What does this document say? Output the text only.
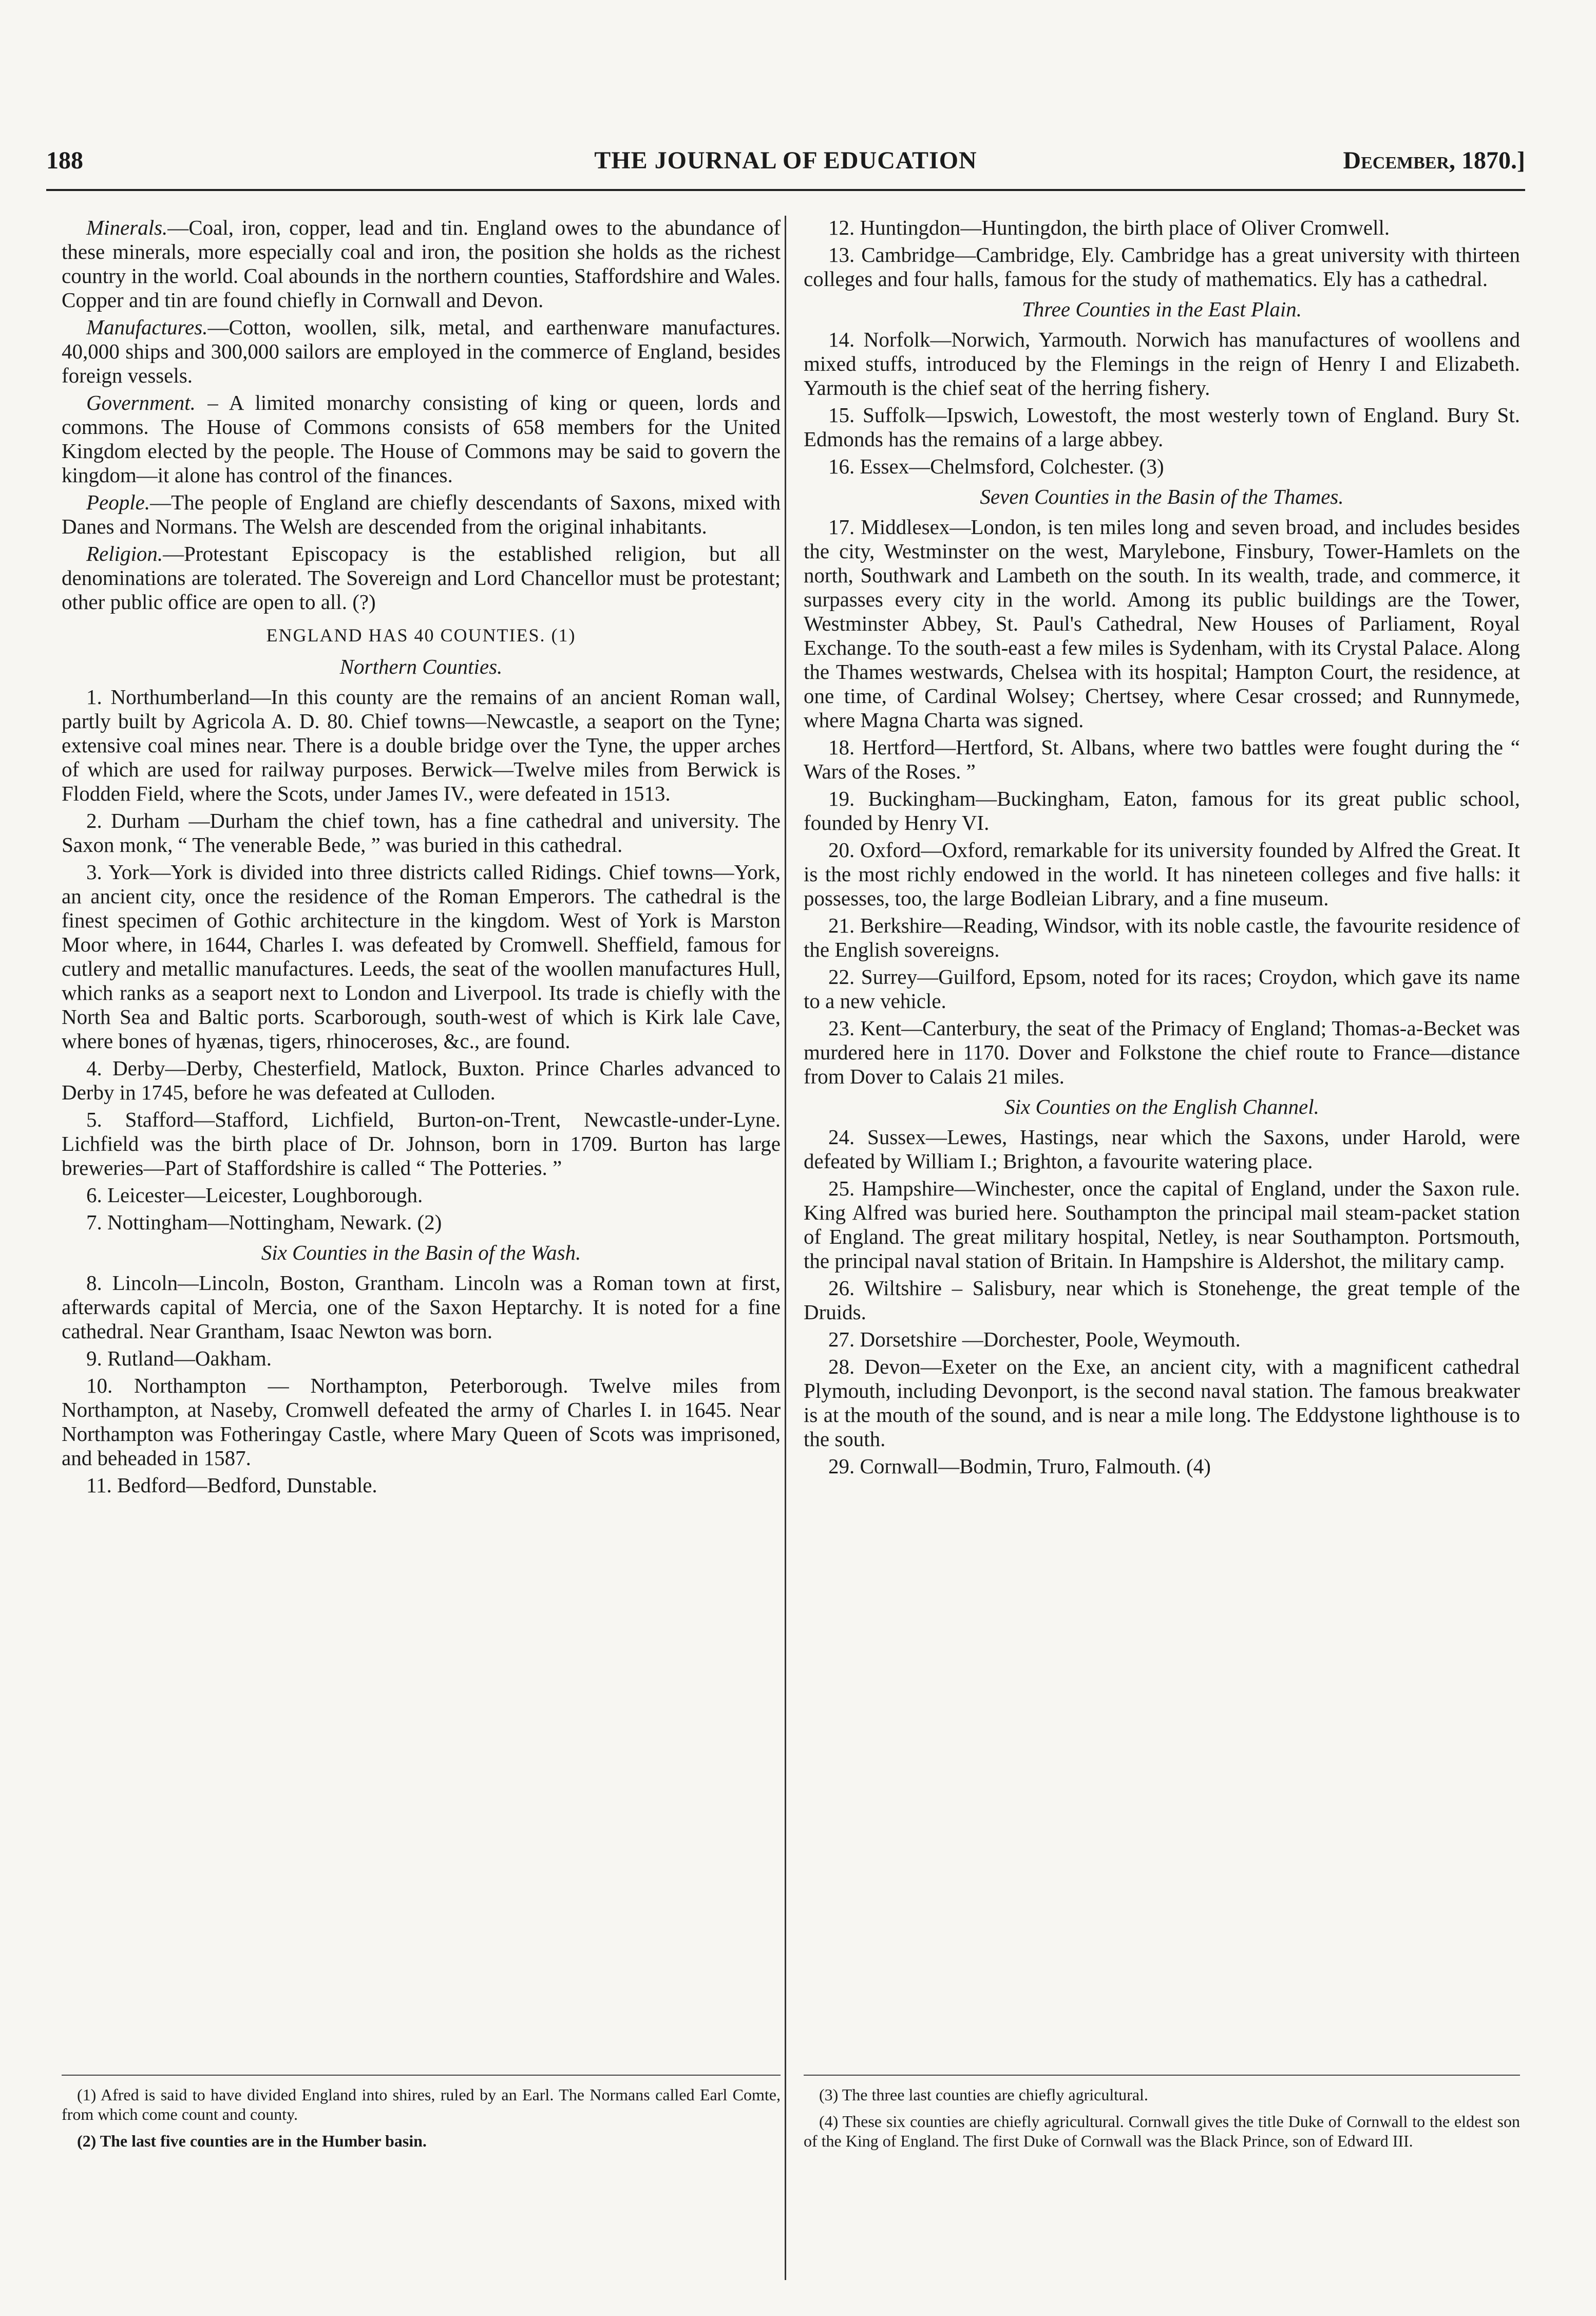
188	THE JOURNAL OF EDUCATION	December, 1870.]

Minerals.—Coal, iron, copper, lead and tin. England owes to the abundance of these minerals, more especially coal and iron, the position she holds as the richest country in the world. Coal abounds in the northern counties, Staffordshire and Wales. Copper and tin are found chiefly in Cornwall and Devon.

Manufactures.—Cotton, woollen, silk, metal, and earthenware manufactures. 40,000 ships and 300,000 sailors are employed in the commerce of England, besides foreign vessels.

Government. – A limited monarchy consisting of king or queen, lords and commons. The House of Commons consists of 658 members for the United Kingdom elected by the people. The House of Commons may be said to govern the kingdom—it alone has control of the finances.

People.—The people of England are chiefly descendants of Saxons, mixed with Danes and Normans. The Welsh are descended from the original inhabitants.

Religion.—Protestant Episcopacy is the established religion, but all denominations are tolerated. The Sovereign and Lord Chancellor must be protestant; other public office are open to all. (?)

ENGLAND HAS 40 COUNTIES. (1)
Northern Counties.

1. Northumberland—In this county are the remains of an ancient Roman wall, partly built by Agricola A. D. 80. Chief towns—Newcastle, a seaport on the Tyne; extensive coal mines near. There is a double bridge over the Tyne, the upper arches of which are used for railway purposes. Berwick—Twelve miles from Berwick is Flodden Field, where the Scots, under James IV., were defeated in 1513.

2. Durham —Durham the chief town, has a fine cathedral and university. The Saxon monk, “ The venerable Bede, ” was buried in this cathedral.

3. York—York is divided into three districts called Ridings. Chief towns—York, an ancient city, once the residence of the Roman Emperors. The cathedral is the finest specimen of Gothic architecture in the kingdom. West of York is Marston Moor where, in 1644, Charles I. was defeated by Cromwell. Sheffield, famous for cutlery and metallic manufactures. Leeds, the seat of the woollen manufactures Hull, which ranks as a seaport next to London and Liverpool. Its trade is chiefly with the North Sea and Baltic ports. Scarborough, south-west of which is Kirk lale Cave, where bones of hyænas, tigers, rhinoceroses, &c., are found.

4. Derby—Derby, Chesterfield, Matlock, Buxton. Prince Charles advanced to Derby in 1745, before he was defeated at Culloden.

5. Stafford—Stafford, Lichfield, Burton-on-Trent, Newcastle-under-Lyne. Lichfield was the birth place of Dr. Johnson, born in 1709. Burton has large breweries—Part of Staffordshire is called “ The Potteries. ”

6. Leicester—Leicester, Loughborough.

7. Nottingham—Nottingham, Newark. (2)

Six Counties in the Basin of the Wash.

8. Lincoln—Lincoln, Boston, Grantham. Lincoln was a Roman town at first, afterwards capital of Mercia, one of the Saxon Heptarchy. It is noted for a fine cathedral. Near Grantham, Isaac Newton was born.

9. Rutland—Oakham.

10. Northampton — Northampton, Peterborough. Twelve miles from Northampton, at Naseby, Cromwell defeated the army of Charles I. in 1645. Near Northampton was Fotheringay Castle, where Mary Queen of Scots was imprisoned, and beheaded in 1587.

11. Bedford—Bedford, Dunstable.

12. Huntingdon—Huntingdon, the birth place of Oliver Cromwell.

13. Cambridge—Cambridge, Ely. Cambridge has a great university with thirteen colleges and four halls, famous for the study of mathematics. Ely has a cathedral.

Three Counties in the East Plain.

14. Norfolk—Norwich, Yarmouth. Norwich has manufactures of woollens and mixed stuffs, introduced by the Flemings in the reign of Henry I and Elizabeth. Yarmouth is the chief seat of the herring fishery.

15. Suffolk—Ipswich, Lowestoft, the most westerly town of England. Bury St. Edmonds has the remains of a large abbey.

16. Essex—Chelmsford, Colchester. (3)

Seven Counties in the Basin of the Thames.

17. Middlesex—London, is ten miles long and seven broad, and includes besides the city, Westminster on the west, Marylebone, Finsbury, Tower-Hamlets on the north, Southwark and Lambeth on the south. In its wealth, trade, and commerce, it surpasses every city in the world. Among its public buildings are the Tower, Westminster Abbey, St. Paul's Cathedral, New Houses of Parliament, Royal Exchange. To the south-east a few miles is Sydenham, with its Crystal Palace. Along the Thames westwards, Chelsea with its hospital; Hampton Court, the residence, at one time, of Cardinal Wolsey; Chertsey, where Cesar crossed; and Runnymede, where Magna Charta was signed.

18. Hertford—Hertford, St. Albans, where two battles were fought during the “ Wars of the Roses. ”

19. Buckingham—Buckingham, Eaton, famous for its great public school, founded by Henry VI.

20. Oxford—Oxford, remarkable for its university founded by Alfred the Great. It is the most richly endowed in the world. It has nineteen colleges and five halls: it possesses, too, the large Bodleian Library, and a fine museum.

21. Berkshire—Reading, Windsor, with its noble castle, the favourite residence of the English sovereigns.

22. Surrey—Guilford, Epsom, noted for its races; Croydon, which gave its name to a new vehicle.

23. Kent—Canterbury, the seat of the Primacy of England; Thomas-a-Becket was murdered here in 1170. Dover and Folkstone the chief route to France—distance from Dover to Calais 21 miles.

Six Counties on the English Channel.

24. Sussex—Lewes, Hastings, near which the Saxons, under Harold, were defeated by William I.; Brighton, a favourite watering place.

25. Hampshire—Winchester, once the capital of England, under the Saxon rule. King Alfred was buried here. Southampton the principal mail steam-packet station of England. The great military hospital, Netley, is near Southampton. Portsmouth, the principal naval station of Britain. In Hampshire is Aldershot, the military camp.

26. Wiltshire – Salisbury, near which is Stonehenge, the great temple of the Druids.

27. Dorsetshire —Dorchester, Poole, Weymouth.

28. Devon—Exeter on the Exe, an ancient city, with a magnificent cathedral Plymouth, including Devonport, is the second naval station. The famous breakwater is at the mouth of the sound, and is near a mile long. The Eddystone lighthouse is to the south.

29. Cornwall—Bodmin, Truro, Falmouth. (4)

(1) Afred is said to have divided England into shires, ruled by an Earl. The Normans called Earl Comte, from which come count and county.

(2) The last five counties are in the Humber basin.

(3) The three last counties are chiefly agricultural.

(4) These six counties are chiefly agricultural. Cornwall gives the title Duke of Cornwall to the eldest son of the King of England. The first Duke of Cornwall was the Black Prince, son of Edward III.
